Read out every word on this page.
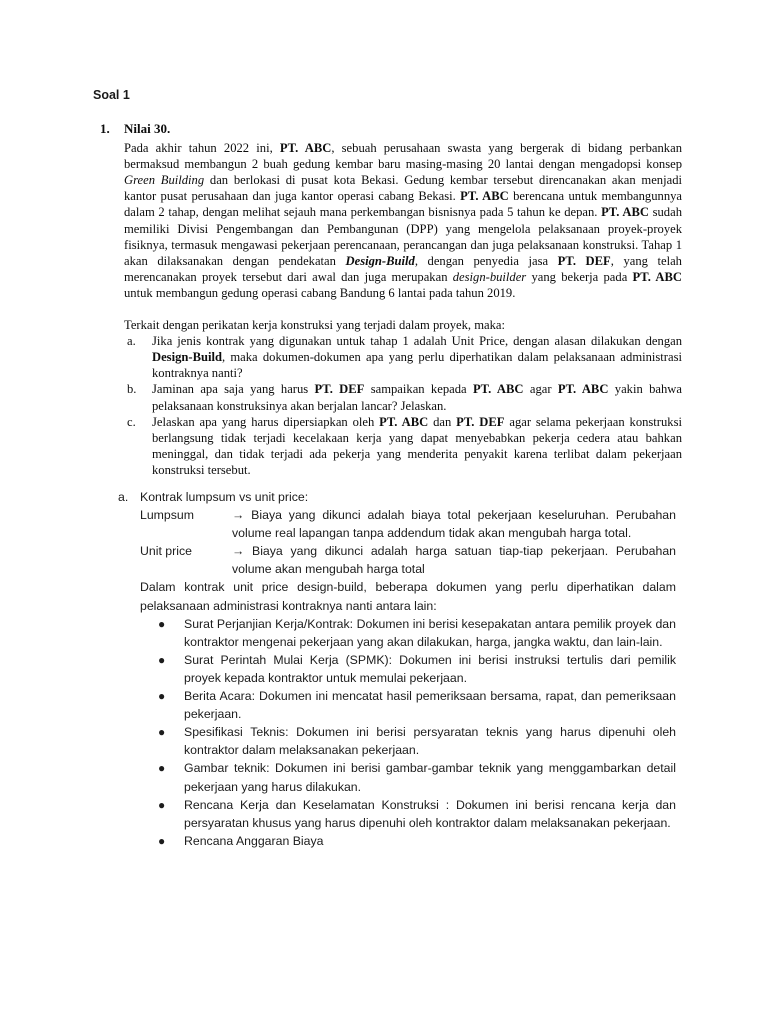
Soal 1
1.	Nilai 30.
Pada akhir tahun 2022 ini, PT. ABC, sebuah perusahaan swasta yang bergerak di bidang perbankan bermaksud membangun 2 buah gedung kembar baru masing-masing 20 lantai dengan mengadopsi konsep Green Building dan berlokasi di pusat kota Bekasi. Gedung kembar tersebut direncanakan akan menjadi kantor pusat perusahaan dan juga kantor operasi cabang Bekasi. PT. ABC berencana untuk membangunnya dalam 2 tahap, dengan melihat sejauh mana perkembangan bisnisnya pada 5 tahun ke depan. PT. ABC sudah memiliki Divisi Pengembangan dan Pembangunan (DPP) yang mengelola pelaksanaan proyek-proyek fisiknya, termasuk mengawasi pekerjaan perencanaan, perancangan dan juga pelaksanaan konstruksi. Tahap 1 akan dilaksanakan dengan pendekatan Design-Build, dengan penyedia jasa PT. DEF, yang telah merencanakan proyek tersebut dari awal dan juga merupakan design-builder yang bekerja pada PT. ABC untuk membangun gedung operasi cabang Bandung 6 lantai pada tahun 2019.
Terkait dengan perikatan kerja konstruksi yang terjadi dalam proyek, maka:
a.	Jika jenis kontrak yang digunakan untuk tahap 1 adalah Unit Price, dengan alasan dilakukan dengan Design-Build, maka dokumen-dokumen apa yang perlu diperhatikan dalam pelaksanaan administrasi kontraknya nanti?
b.	Jaminan apa saja yang harus PT. DEF sampaikan kepada PT. ABC agar PT. ABC yakin bahwa pelaksanaan konstruksinya akan berjalan lancar? Jelaskan.
c.	Jelaskan apa yang harus dipersiapkan oleh PT. ABC dan PT. DEF agar selama pekerjaan konstruksi berlangsung tidak terjadi kecelakaan kerja yang dapat menyebabkan pekerja cedera atau bahkan meninggal, dan tidak terjadi ada pekerja yang menderita penyakit karena terlibat dalam pekerjaan konstruksi tersebut.
a. Kontrak lumpsum vs unit price:
Lumpsum	→ Biaya yang dikunci adalah biaya total pekerjaan keseluruhan. Perubahan volume real lapangan tanpa addendum tidak akan mengubah harga total.
Unit price	→ Biaya yang dikunci adalah harga satuan tiap-tiap pekerjaan. Perubahan volume akan mengubah harga total
Dalam kontrak unit price design-build, beberapa dokumen yang perlu diperhatikan dalam pelaksanaan administrasi kontraknya nanti antara lain:
●	Surat Perjanjian Kerja/Kontrak: Dokumen ini berisi kesepakatan antara pemilik proyek dan kontraktor mengenai pekerjaan yang akan dilakukan, harga, jangka waktu, dan lain-lain.
●	Surat Perintah Mulai Kerja (SPMK): Dokumen ini berisi instruksi tertulis dari pemilik proyek kepada kontraktor untuk memulai pekerjaan.
●	Berita Acara: Dokumen ini mencatat hasil pemeriksaan bersama, rapat, dan pemeriksaan pekerjaan.
●	Spesifikasi Teknis: Dokumen ini berisi persyaratan teknis yang harus dipenuhi oleh kontraktor dalam melaksanakan pekerjaan.
●	Gambar teknik: Dokumen ini berisi gambar-gambar teknik yang menggambarkan detail pekerjaan yang harus dilakukan.
●	Rencana Kerja dan Keselamatan Konstruksi : Dokumen ini berisi rencana kerja dan persyaratan khusus yang harus dipenuhi oleh kontraktor dalam melaksanakan pekerjaan.
●	Rencana Anggaran Biaya
